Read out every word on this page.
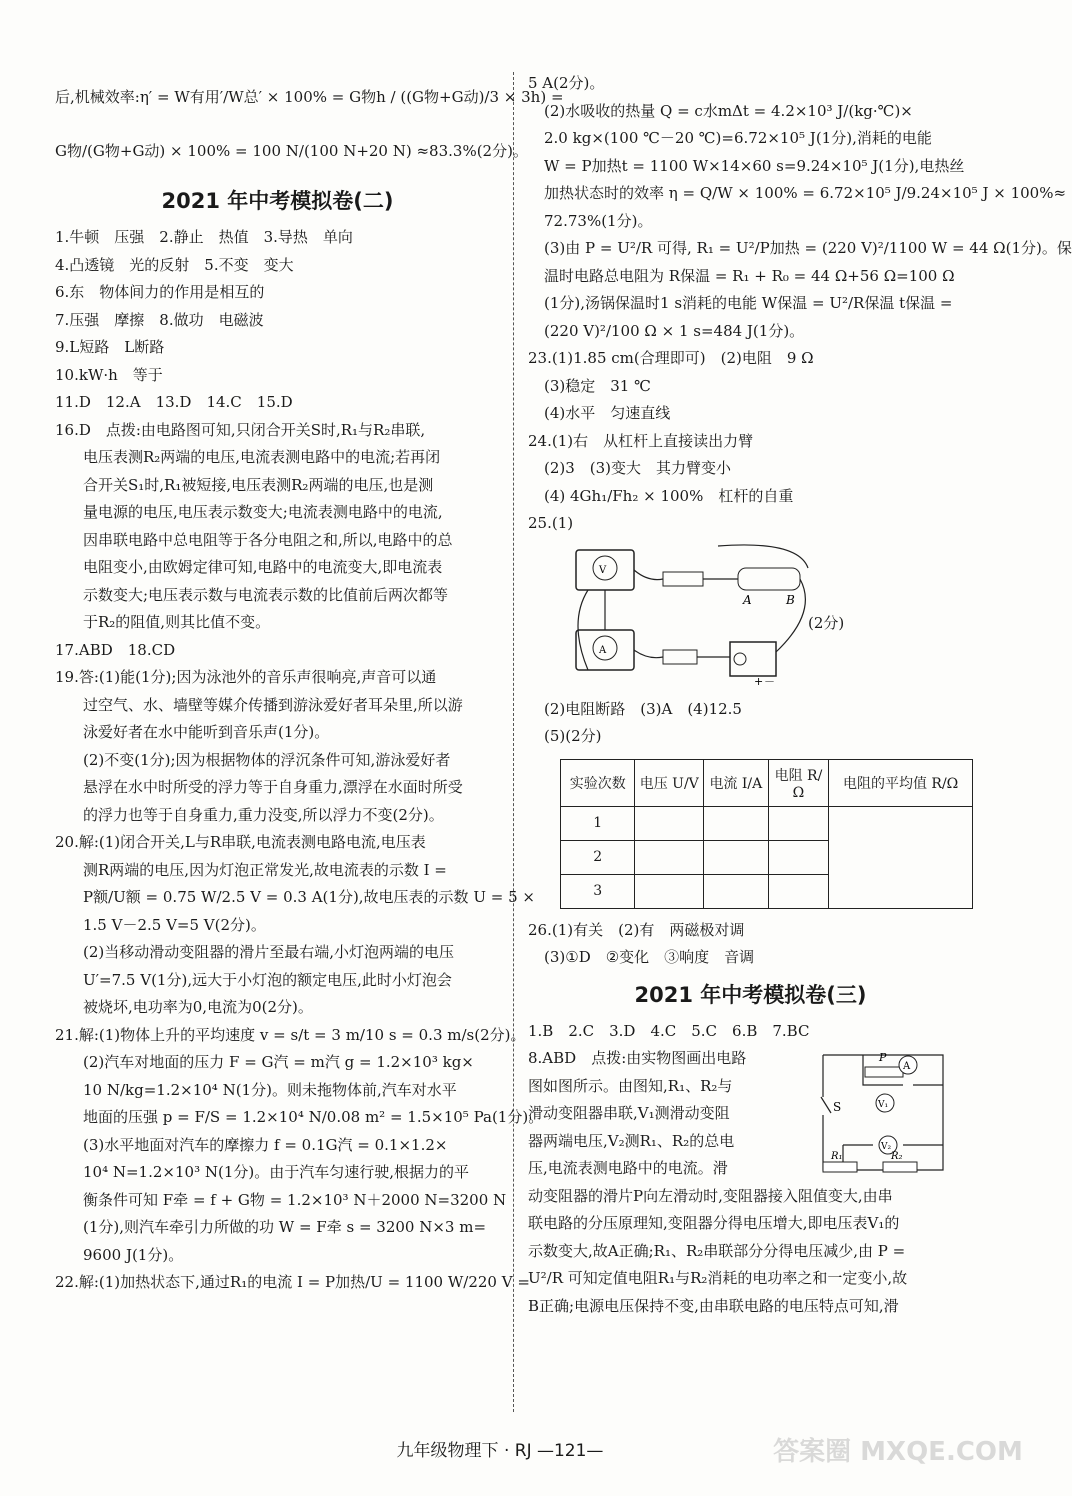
后,机械效率:η′ = W有用′/W总′ × 100% = G物h / ((G物+G动)/3 × 3h) =
G物/(G物+G动) × 100% = 100 N/(100 N+20 N) ≈83.3%(2分)。
2021 年中考模拟卷(二)
1.牛顿　压强　2.静止　热值　3.导热　单向
4.凸透镜　光的反射　5.不变　变大
6.东　物体间力的作用是相互的
7.压强　摩擦　8.做功　电磁波
9.L短路　L断路
10.kW·h　等于
11.D　12.A　13.D　14.C　15.D
16.D　点拨:由电路图可知,只闭合开关S时,R₁与R₂串联,
电压表测R₂两端的电压,电流表测电路中的电流;若再闭
合开关S₁时,R₁被短接,电压表测R₂两端的电压,也是测
量电源的电压,电压表示数变大;电流表测电路中的电流,
因串联电路中总电阻等于各分电阻之和,所以,电路中的总
电阻变小,由欧姆定律可知,电路中的电流变大,即电流表
示数变大;电压表示数与电流表示数的比值前后两次都等
于R₂的阻值,则其比值不变。
17.ABD　18.CD
19.答:(1)能(1分);因为泳池外的音乐声很响亮,声音可以通
过空气、水、墙壁等媒介传播到游泳爱好者耳朵里,所以游
泳爱好者在水中能听到音乐声(1分)。
(2)不变(1分);因为根据物体的浮沉条件可知,游泳爱好者
悬浮在水中时所受的浮力等于自身重力,漂浮在水面时所受
的浮力也等于自身重力,重力没变,所以浮力不变(2分)。
20.解:(1)闭合开关,L与R串联,电流表测电路电流,电压表
测R两端的电压,因为灯泡正常发光,故电流表的示数 I =
P额/U额 = 0.75 W/2.5 V = 0.3 A(1分),故电压表的示数 U = 5 ×
1.5 V－2.5 V=5 V(2分)。
(2)当移动滑动变阻器的滑片至最右端,小灯泡两端的电压
U′=7.5 V(1分),远大于小灯泡的额定电压,此时小灯泡会
被烧坏,电功率为0,电流为0(2分)。
21.解:(1)物体上升的平均速度 v = s/t = 3 m/10 s = 0.3 m/s(2分)。
(2)汽车对地面的压力 F = G汽 = m汽 g = 1.2×10³ kg×
10 N/kg=1.2×10⁴ N(1分)。则未拖物体前,汽车对水平
地面的压强 p = F/S = 1.2×10⁴ N/0.08 m² = 1.5×10⁵ Pa(1分)。
(3)水平地面对汽车的摩擦力 f = 0.1G汽 = 0.1×1.2×
10⁴ N=1.2×10³ N(1分)。由于汽车匀速行驶,根据力的平
衡条件可知 F牵 = f + G物 = 1.2×10³ N＋2000 N=3200 N
(1分),则汽车牵引力所做的功 W = F牵 s = 3200 N×3 m=
9600 J(1分)。
22.解:(1)加热状态下,通过R₁的电流 I = P加热/U = 1100 W/220 V =
5 A(2分)。
(2)水吸收的热量 Q = c水mΔt = 4.2×10³ J/(kg·℃)×
2.0 kg×(100 ℃－20 ℃)=6.72×10⁵ J(1分),消耗的电能
W = P加热t = 1100 W×14×60 s=9.24×10⁵ J(1分),电热丝
加热状态时的效率 η = Q/W × 100% = 6.72×10⁵ J/9.24×10⁵ J × 100%≈
72.73%(1分)。
(3)由 P = U²/R 可得, R₁ = U²/P加热 = (220 V)²/1100 W = 44 Ω(1分)。保
温时电路总电阻为 R保温 = R₁ + R₀ = 44 Ω+56 Ω=100 Ω
(1分),汤锅保温时1 s消耗的电能 W保温 = U²/R保温 t保温 =
(220 V)²/100 Ω × 1 s=484 J(1分)。
23.(1)1.85 cm(合理即可)　(2)电阻　9 Ω
(3)稳定　31 ℃
(4)水平　匀速直线
24.(1)右　从杠杆上直接读出力臂
(2)3　(3)变大　其力臂变小
(4) 4Gh₁/Fh₂ × 100%　杠杆的自重
25.(1)
V
A
A	B
+ －
(2分)
(2)电阻断路　(3)A　(4)12.5
(5)(2分)
实验次数	电压 U/V	电流 I/A	电阻 R/Ω	电阻的平均值 R/Ω
1				
2				
3				
26.(1)有关　(2)有　两磁极对调
(3)①D　②变化　③响度　音调
2021 年中考模拟卷(三)
1.B　2.C　3.D　4.C　5.C　6.B　7.BC
8.ABD　点拨:由实物图画出电路
图如图所示。由图知,R₁、R₂与
滑动变阻器串联,V₁测滑动变阻
器两端电压,V₂测R₁、R₂的总电
压,电流表测电路中的电流。滑
P
A
V₁
S
V₂
R₁	R₂
动变阻器的滑片P向左滑动时,变阻器接入阻值变大,由串
联电路的分压原理知,变阻器分得电压增大,即电压表V₁的
示数变大,故A正确;R₁、R₂串联部分分得电压减少,由 P =
U²/R 可知定值电阻R₁与R₂消耗的电功率之和一定变小,故
B正确;电源电压保持不变,由串联电路的电压特点可知,滑
九年级物理下 · RJ —121—	答案圈 MXQE.COM
